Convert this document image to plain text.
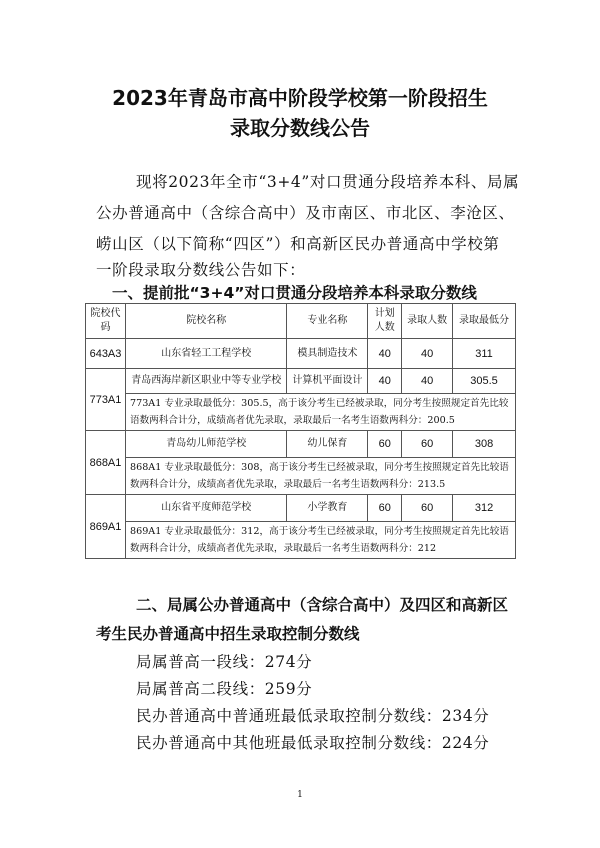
2023年青岛市高中阶段学校第一阶段招生
录取分数线公告
现将2023年全市“3+4”对口贯通分段培养本科、局属
公办普通高中（含综合高中）及市南区、市北区、李沧区、
崂山区（以下简称“四区”）和高新区民办普通高中学校第
一阶段录取分数线公告如下：
一、提前批“3+4”对口贯通分段培养本科录取分数线
院校代码	院校名称	专业名称	计划人数	录取人数	录取最低分
643A3	山东省轻工工程学校	模具制造技术	40	40	311
773A1	青岛西海岸新区职业中等专业学校	计算机平面设计	40	40	305.5
	773A1 专业录取最低分：305.5，高于该分考生已经被录取，同分考生按照规定首先比较语数两科合计分，成绩高者优先录取，录取最后一名考生语数两科分：200.5				
868A1	青岛幼儿师范学校	幼儿保育	60	60	308
	868A1 专业录取最低分：308，高于该分考生已经被录取，同分考生按照规定首先比较语数两科合计分，成绩高者优先录取，录取最后一名考生语数两科分：213.5				
869A1	山东省平度师范学校	小学教育	60	60	312
	869A1 专业录取最低分：312，高于该分考生已经被录取，同分考生按照规定首先比较语数两科合计分，成绩高者优先录取，录取最后一名考生语数两科分：212				
二、局属公办普通高中（含综合高中）及四区和高新区
考生民办普通高中招生录取控制分数线
局属普高一段线：274分
局属普高二段线：259分
民办普通高中普通班最低录取控制分数线：234分
民办普通高中其他班最低录取控制分数线：224分
1
